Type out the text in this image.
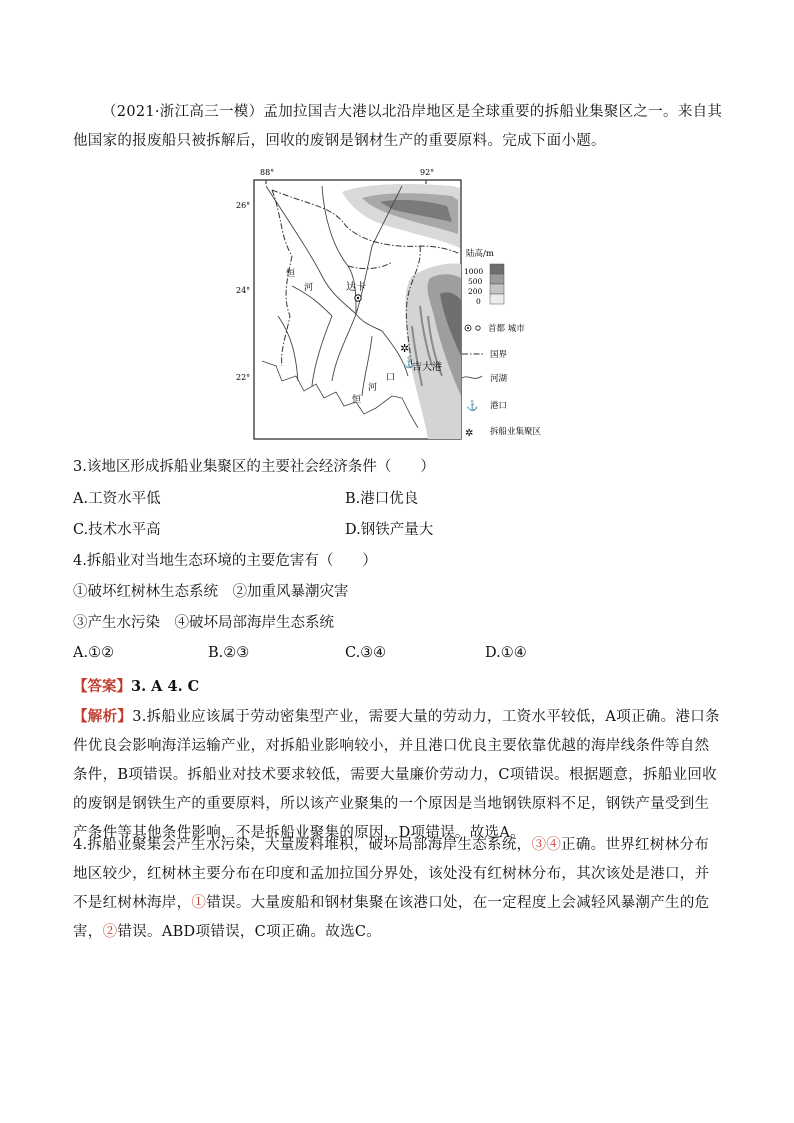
（2021·浙江高三一模）孟加拉国吉大港以北沿岸地区是全球重要的拆船业集聚区之一。来自其他国家的报废船只被拆解后，回收的废钢是钢材生产的重要原料。完成下面小题。
88°	92°
26°
24°
22°
达卡
恒
河
恒
河
口
✲
⚓
吉大港
陆高/m
1000
500
200
0
首都 城市
国界
河湖
⚓ 港口
✲ 拆船业集聚区
3.该地区形成拆船业集聚区的主要社会经济条件（　　）
A.工资水平低	B.港口优良
C.技术水平高	D.钢铁产量大
4.拆船业对当地生态环境的主要危害有（　　）
①破坏红树林生态系统　②加重风暴潮灾害
③产生水污染　④破坏局部海岸生态系统
A.①②	B.②③	C.③④	D.①④
【答案】3. A 4. C
【解析】3.拆船业应该属于劳动密集型产业，需要大量的劳动力，工资水平较低，A项正确。港口条件优良会影响海洋运输产业，对拆船业影响较小，并且港口优良主要依靠优越的海岸线条件等自然条件，B项错误。拆船业对技术要求较低，需要大量廉价劳动力，C项错误。根据题意，拆船业回收的废钢是钢铁生产的重要原料，所以该产业聚集的一个原因是当地钢铁原料不足，钢铁产量受到生产条件等其他条件影响，不是拆船业聚集的原因，D项错误。故选A。
4.拆船业聚集会产生水污染，大量废料堆积，破坏局部海岸生态系统，③④正确。世界红树林分布地区较少，红树林主要分布在印度和孟加拉国分界处，该处没有红树林分布，其次该处是港口，并不是红树林海岸，①错误。大量废船和钢材集聚在该港口处，在一定程度上会减轻风暴潮产生的危害，②错误。ABD项错误，C项正确。故选C。
